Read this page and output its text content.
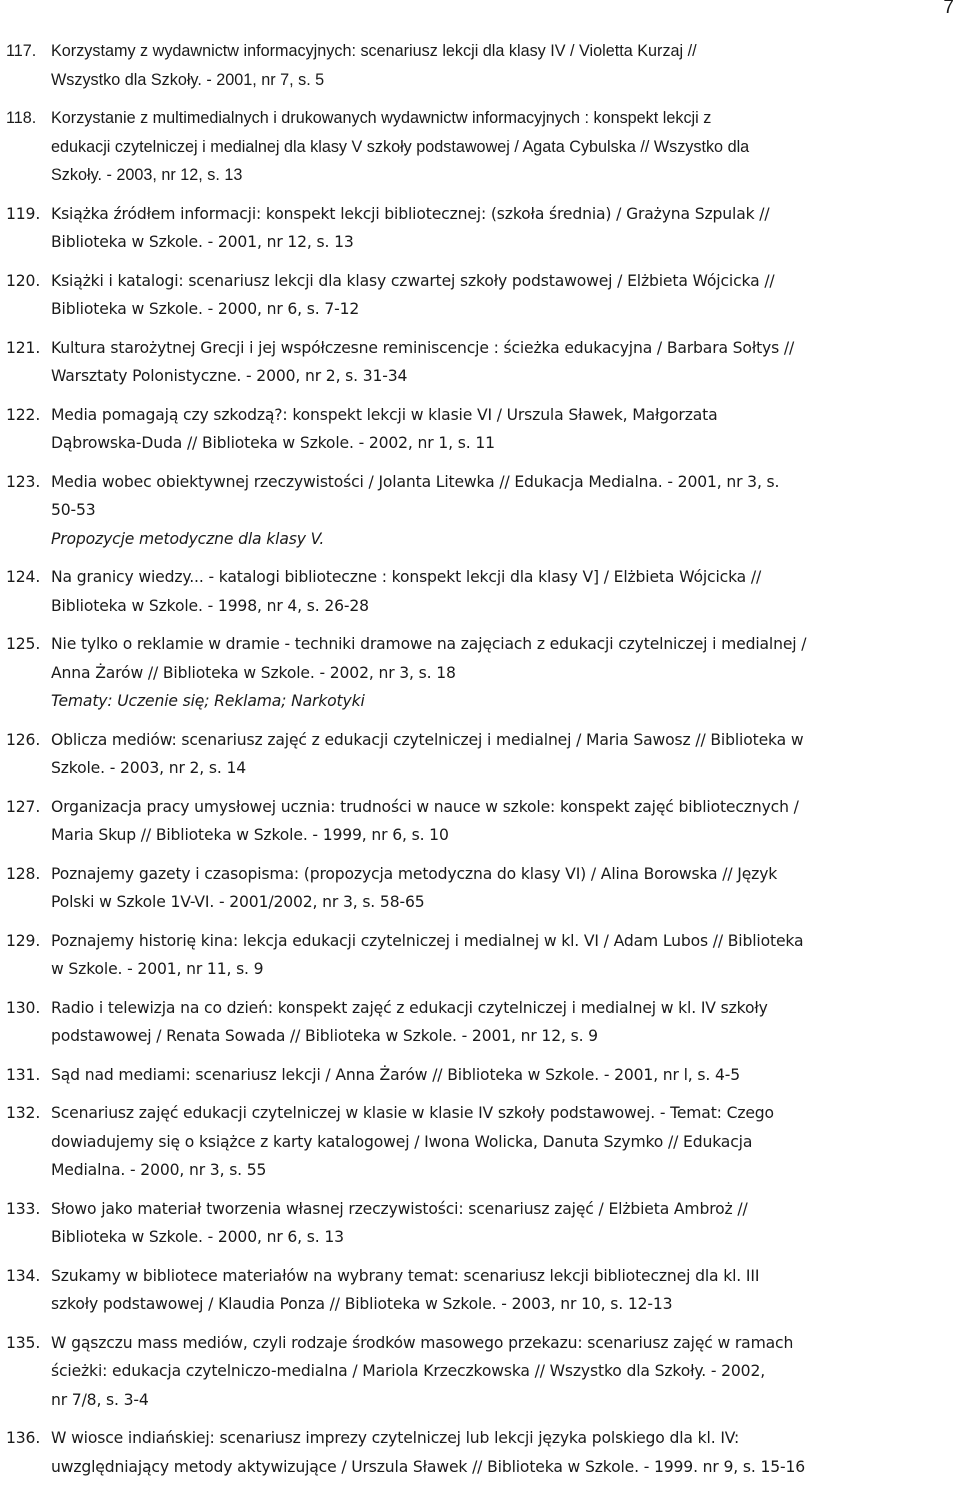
7
117. Korzystamy z wydawnictw informacyjnych: scenariusz lekcji dla klasy IV / Violetta Kurzaj //
Wszystko dla Szkoły. - 2001, nr 7, s. 5
118. Korzystanie z multimedialnych i drukowanych wydawnictw informacyjnych : konspekt lekcji z
edukacji czytelniczej i medialnej dla klasy V szkoły podstawowej / Agata Cybulska // Wszystko dla
Szkoły. - 2003, nr 12, s. 13
119. Książka źródłem informacji: konspekt lekcji bibliotecznej: (szkoła średnia) / Grażyna Szpulak //
Biblioteka w Szkole. - 2001, nr 12, s. 13
120. Książki i katalogi: scenariusz lekcji dla klasy czwartej szkoły podstawowej / Elżbieta Wójcicka //
Biblioteka w Szkole. - 2000, nr 6, s. 7-12
121. Kultura starożytnej Grecji i jej współczesne reminiscencje : ścieżka edukacyjna / Barbara Sołtys //
Warsztaty Polonistyczne. - 2000, nr 2, s. 31-34
122. Media pomagają czy szkodzą?: konspekt lekcji w klasie VI / Urszula Sławek, Małgorzata
Dąbrowska-Duda // Biblioteka w Szkole. - 2002, nr 1, s. 11
123. Media wobec obiektywnej rzeczywistości / Jolanta Litewka // Edukacja Medialna. - 2001, nr 3, s.
50-53
Propozycje metodyczne dla klasy V.
124. Na granicy wiedzy... - katalogi biblioteczne : konspekt lekcji dla klasy V] / Elżbieta Wójcicka //
Biblioteka w Szkole. - 1998, nr 4, s. 26-28
125. Nie tylko o reklamie w dramie - techniki dramowe na zajęciach z edukacji czytelniczej i medialnej /
Anna Żarów // Biblioteka w Szkole. - 2002, nr 3, s. 18
Tematy: Uczenie się; Reklama; Narkotyki
126. Oblicza mediów: scenariusz zajęć z edukacji czytelniczej i medialnej / Maria Sawosz // Biblioteka w
Szkole. - 2003, nr 2, s. 14
127. Organizacja pracy umysłowej ucznia: trudności w nauce w szkole: konspekt zajęć bibliotecznych /
Maria Skup // Biblioteka w Szkole. - 1999, nr 6, s. 10
128. Poznajemy gazety i czasopisma: (propozycja metodyczna do klasy VI) / Alina Borowska // Język
Polski w Szkole 1V-VI. - 2001/2002, nr 3, s. 58-65
129. Poznajemy historię kina: lekcja edukacji czytelniczej i medialnej w kl. VI / Adam Lubos // Biblioteka
w Szkole. - 2001, nr 11, s. 9
130. Radio i telewizja na co dzień: konspekt zajęć z edukacji czytelniczej i medialnej w kl. IV szkoły
podstawowej / Renata Sowada // Biblioteka w Szkole. - 2001, nr 12, s. 9
131. Sąd nad mediami: scenariusz lekcji / Anna Żarów // Biblioteka w Szkole. - 2001, nr l, s. 4-5
132. Scenariusz zajęć edukacji czytelniczej w klasie w klasie IV szkoły podstawowej. - Temat: Czego
dowiadujemy się o książce z karty katalogowej / Iwona Wolicka, Danuta Szymko // Edukacja
Medialna. - 2000, nr 3, s. 55
133. Słowo jako materiał tworzenia własnej rzeczywistości: scenariusz zajęć / Elżbieta Ambroż //
Biblioteka w Szkole. - 2000, nr 6, s. 13
134. Szukamy w bibliotece materiałów na wybrany temat: scenariusz lekcji bibliotecznej dla kl. III
szkoły podstawowej / Klaudia Ponza // Biblioteka w Szkole. - 2003, nr 10, s. 12-13
135. W gąszczu mass mediów, czyli rodzaje środków masowego przekazu: scenariusz zajęć w ramach
ścieżki: edukacja czytelniczo-medialna / Mariola Krzeczkowska // Wszystko dla Szkoły. - 2002,
nr 7/8, s. 3-4
136. W wiosce indiańskiej: scenariusz imprezy czytelniczej lub lekcji języka polskiego dla kl. IV:
uwzględniający metody aktywizujące / Urszula Sławek // Biblioteka w Szkole. - 1999. nr 9, s. 15-16
